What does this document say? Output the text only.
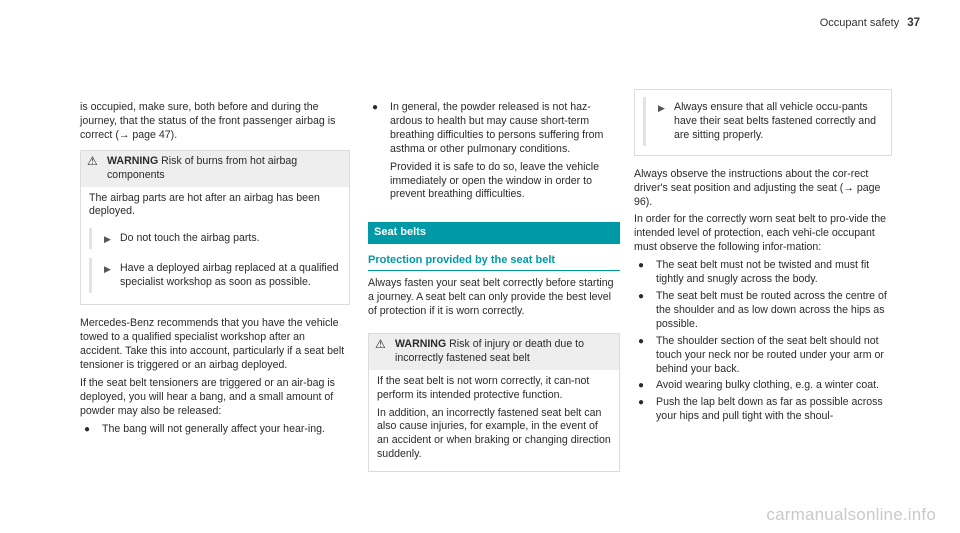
Occupant safety 37

is occupied, make sure, both before and during the journey, that the status of the front passenger airbag is correct (→ page 47).

⚠ WARNING Risk of burns from hot airbag components

The airbag parts are hot after an airbag has been deployed.

▶ Do not touch the airbag parts.
▶ Have a deployed airbag replaced at a qualified specialist workshop as soon as possible.

Mercedes-Benz recommends that you have the vehicle towed to a qualified specialist workshop after an accident. Take this into account, particularly if a seat belt tensioner is triggered or an airbag deployed.

If the seat belt tensioners are triggered or an air-bag is deployed, you will hear a bang, and a small amount of powder may also be released:

●	The bang will not generally affect your hear-ing.
●	In general, the powder released is not haz-ardous to health but may cause short-term breathing difficulties to persons suffering from asthma or other pulmonary conditions.
Provided it is safe to do so, leave the vehicle immediately or open the window in order to prevent breathing difficulties.
Seat belts
Protection provided by the seat belt

Always fasten your seat belt correctly before starting a journey. A seat belt can only provide the best level of protection if it is worn correctly.

⚠ WARNING Risk of injury or death due to incorrectly fastened seat belt

If the seat belt is not worn correctly, it can-not perform its intended protective function.

In addition, an incorrectly fastened seat belt can also cause injuries, for example, in the event of an accident or when braking or changing direction suddenly.

▶ Always ensure that all vehicle occu-pants have their seat belts fastened correctly and are sitting properly.

Always observe the instructions about the cor-rect driver's seat position and adjusting the seat (→ page 96).

In order for the correctly worn seat belt to pro-vide the intended level of protection, each vehi-cle occupant must observe the following infor-mation:

●	The seat belt must not be twisted and must fit tightly and snugly across the body.
●	The seat belt must be routed across the centre of the shoulder and as low down across the hips as possible.
●	The shoulder section of the seat belt should not touch your neck nor be routed under your arm or behind your back.
●	Avoid wearing bulky clothing, e.g. a winter coat.
●	Push the lap belt down as far as possible across your hips and pull tight with the shoul-
carmanualsonline.info
